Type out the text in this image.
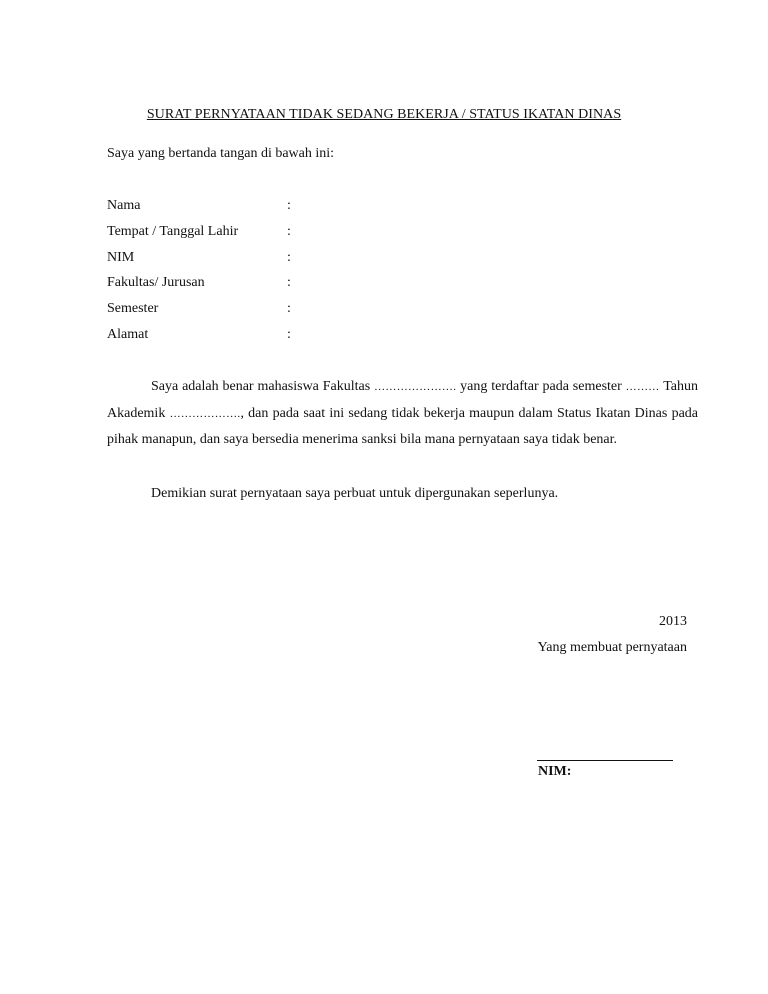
SURAT PERNYATAAN TIDAK SEDANG BEKERJA / STATUS IKATAN DINAS
Saya yang bertanda tangan di bawah ini:
Nama	:
Tempat / Tanggal Lahir	:
NIM	:
Fakultas/ Jurusan	:
Semester	:
Alamat	:
Saya adalah benar mahasiswa Fakultas …………………. yang terdaftar pada semester ……… Tahun Akademik ………………., dan pada saat ini sedang tidak bekerja maupun dalam Status Ikatan Dinas pada pihak manapun, dan saya bersedia menerima sanksi bila mana pernyataan saya tidak benar.
Demikian surat pernyataan saya perbuat untuk dipergunakan seperlunya.
2013
Yang membuat pernyataan
NIM:
